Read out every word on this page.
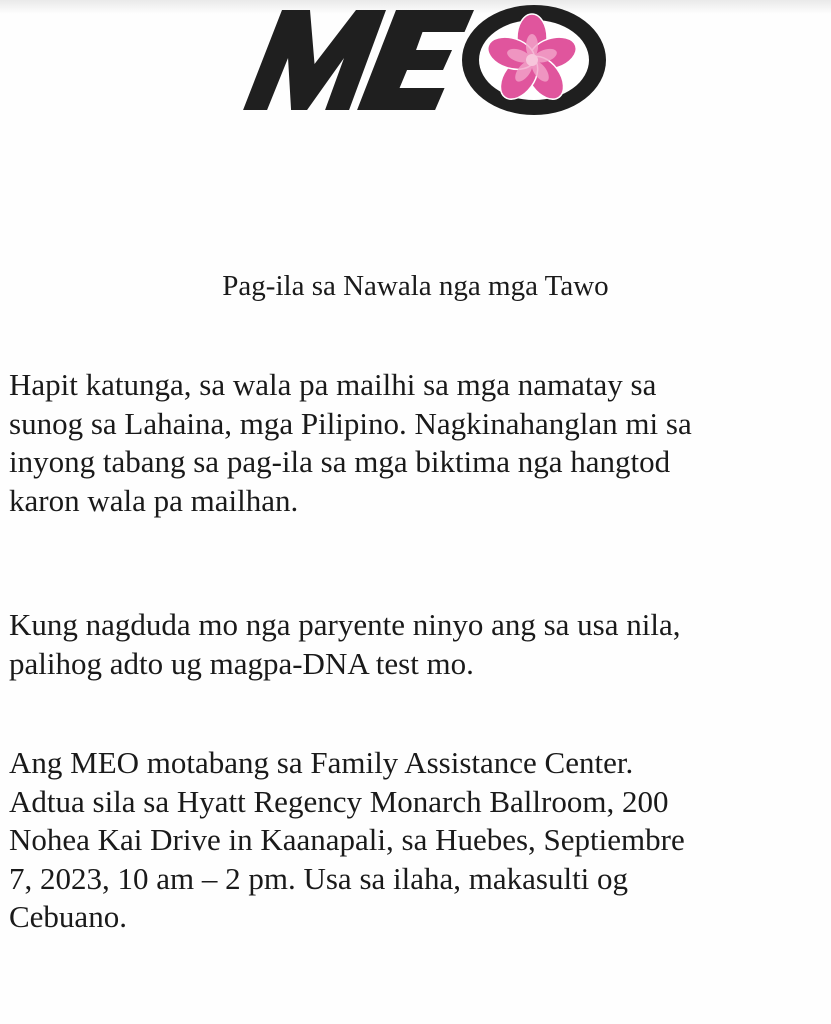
Pag-ila sa Nawala nga mga Tawo

Hapit katunga, sa wala pa mailhi sa mga namatay sa
sunog sa Lahaina, mga Pilipino. Nagkinahanglan mi sa
inyong tabang sa pag-ila sa mga biktima nga hangtod
karon wala pa mailhan.

Kung nagduda mo nga paryente ninyo ang sa usa nila,
palihog adto ug magpa-DNA test mo.

Ang MEO motabang sa Family Assistance Center.
Adtua sila sa Hyatt Regency Monarch Ballroom, 200
Nohea Kai Drive in Kaanapali, sa Huebes, Septiembre
7, 2023, 10 am – 2 pm. Usa sa ilaha, makasulti og
Cebuano.
